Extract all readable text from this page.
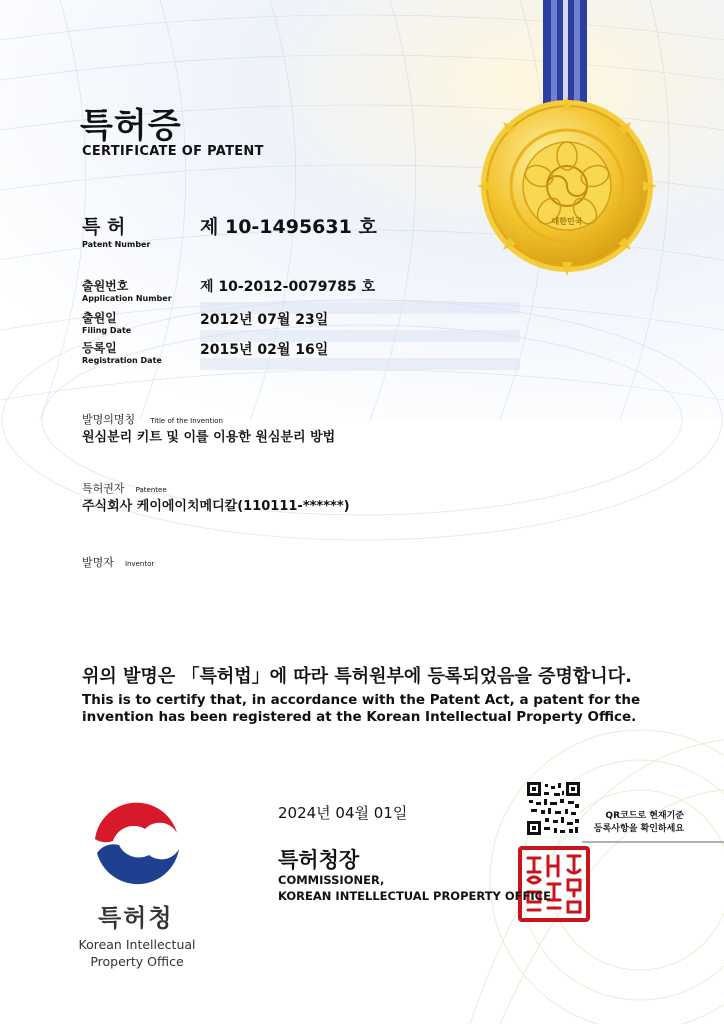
특허증
CERTIFICATE OF PATENT
대한민국
특 허
Patent Number
제 10-1495631 호
출원번호
Application Number
제 10-2012-0079785 호
출원일
Filing Date
2012년 07월 23일
등록일
Registration Date
2015년 02월 16일
발명의명칭 Title of the Invention
원심분리 키트 및 이를 이용한 원심분리 방법
특허권자 Patentee
주식회사 케이에이치메디칼(110111-******)
발명자 Inventor
위의 발명은 「특허법」에 따라 특허원부에 등록되었음을 증명합니다.
This is to certify that, in accordance with the Patent Act, a patent for the invention has been registered at the Korean Intellectual Property Office.
2024년 04월 01일
특허청장
COMMISSIONER,
KOREAN INTELLECTUAL PROPERTY OFFICE
QR코드로 현재기준
등록사항을 확인하세요
특허청
Korean Intellectual
Property Office
